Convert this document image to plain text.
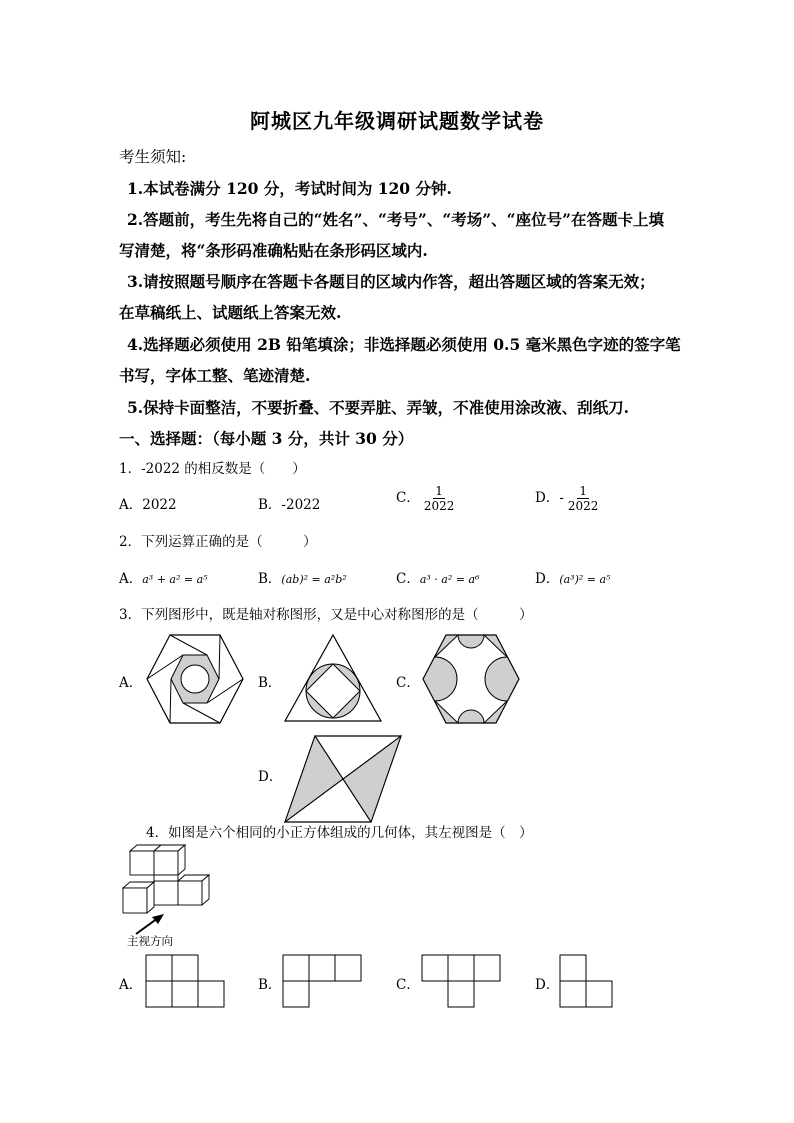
阿城区九年级调研试题数学试卷
考生须知:
1.本试卷满分 120 分，考试时间为 120 分钟.
2.答题前，考生先将自己的“姓名”、“考号”、“考场”、“座位号”在答题卡上填
写清楚，将“条形码准确粘贴在条形码区域内.
3.请按照题号顺序在答题卡各题目的区域内作答，超出答题区域的答案无效；
在草稿纸上、试题纸上答案无效.
4.选择题必须使用 2B 铅笔填涂；非选择题必须使用 0.5 毫米黑色字迹的签字笔
书写，字体工整、笔迹清楚.
5.保持卡面整洁，不要折叠、不要弄脏、弄皱，不准使用涂改液、刮纸刀.
一、选择题：（每小题 3 分，共计 30 分）
1．-2022 的相反数是（　　）
A．2022	B．-2022	C． $\frac{1}{2022}$	D．- $\frac{1}{2022}$
2．下列运算正确的是（　　　）
A．a³ + a² = a⁵	B．(ab)² = a²b²	C．a³ · a² = a⁶	D．(a³)² = a⁵
3．下列图形中，既是轴对称图形，又是中心对称图形的是（　　　）
A．	B．	C．
D．
4．如图是六个相同的小正方体组成的几何体，其左视图是（　）
主视方向
A．	B．	C．	D．
